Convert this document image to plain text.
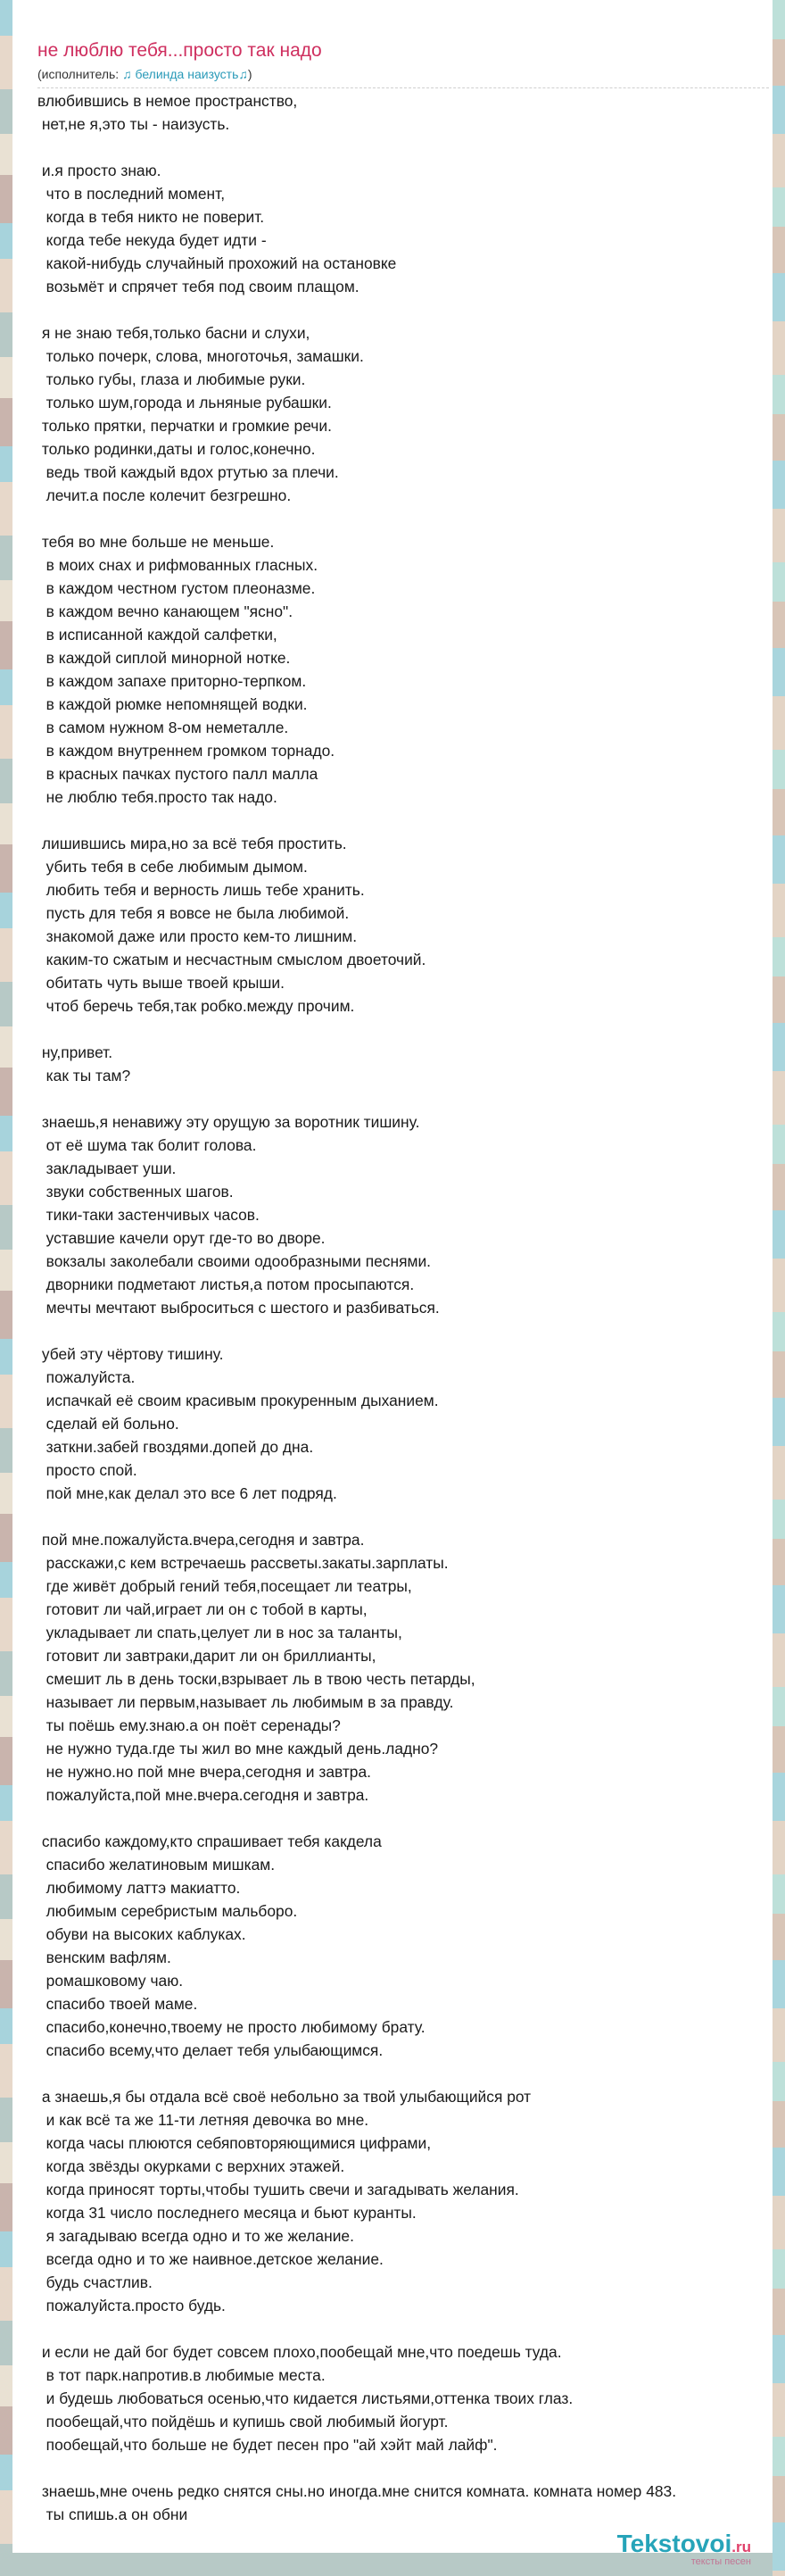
не люблю тебя...просто так надо
(исполнитель: ♫ белинда наизусть♫)
влюбившись в немое пространство,
нет,не я,это ты - наизусть.

и.я просто знаю.
что в последний момент,
когда в тебя никто не поверит.
когда тебе некуда будет идти -
какой-нибудь случайный прохожий на остановке
возьмёт и спрячет тебя под своим плащом.

я не знаю тебя,только басни и слухи,
только почерк, слова, многоточья, замашки.
только губы, глаза и любимые руки.
только шум,города и льняные рубашки.
только прятки, перчатки и громкие речи.
только родинки,даты и голос,конечно.
ведь твой каждый вдох ртутью за плечи.
лечит.а после колечит безгрешно.

тебя во мне больше не меньше.
в моих снах и рифмованных гласных.
в каждом честном густом плеоназме.
в каждом вечно канающем "ясно".
в исписанной каждой салфетки,
в каждой сиплой минорной нотке.
в каждом запахе приторно-терпком.
в каждой рюмке непомнящей водки.
в самом нужном 8-ом неметалле.
в каждом внутреннем громком торнадо.
в красных пачках пустого палл малла
не люблю тебя.просто так надо.

лишившись мира,но за всё тебя простить.
убить тебя в себе любимым дымом.
любить тебя и верность лишь тебе хранить.
пусть для тебя я вовсе не была любимой.
знакомой даже или просто кем-то лишним.
каким-то сжатым и несчастным смыслом двоеточий.
обитать чуть выше твоей крыши.
чтоб беречь тебя,так робко.между прочим.

ну,привет.
как ты там?

знаешь,я ненавижу эту орущую за воротник тишину.
от её шума так болит голова.
закладывает уши.
звуки собственных шагов.
тики-таки застенчивых часов.
уставшие качели орут где-то во дворе.
вокзалы заколебали своими одообразными песнями.
дворники подметают листья,а потом просыпаются.
мечты мечтают выброситься с шестого и разбиваться.

убей эту чёртову тишину.
пожалуйста.
испачкай её своим красивым прокуренным дыханием.
сделай ей больно.
заткни.забей гвоздями.допей до дна.
просто спой.
пой мне,как делал это все 6 лет подряд.

пой мне.пожалуйста.вчера,сегодня и завтра.
расскажи,с кем встречаешь рассветы.закаты.зарплаты.
где живёт добрый гений тебя,посещает ли театры,
готовит ли чай,играет ли он с тобой в карты,
укладывает ли спать,целует ли в нос за таланты,
готовит ли завтраки,дарит ли он бриллианты,
смешит ль в день тоски,взрывает ль в твою честь петарды,
называет ли первым,называет ль любимым в за правду.
ты поёшь ему.знаю.а он поёт серенады?
не нужно туда.где ты жил во мне каждый день.ладно?
не нужно.но пой мне вчера,сегодня и завтра.
пожалуйста,пой мне.вчера.сегодня и завтра.

спасибо каждому,кто спрашивает тебя какдела
спасибо желатиновым мишкам.
любимому латтэ макиатто.
любимым серебристым мальборо.
обуви на высоких каблуках.
венским вафлям.
ромашковому чаю.
спасибо твоей маме.
спасибо,конечно,твоему не просто любимому брату.
спасибо всему,что делает тебя улыбающимся.

а знаешь,я бы отдала всё своё небольно за твой улыбающийся рот
и как всё та же 11-ти летняя девочка во мне.
когда часы плюются себяповторяющимися цифрами,
когда звёзды окурками с верхних этажей.
когда приносят торты,чтобы тушить свечи и загадывать желания.
когда 31 число последнего месяца и бьют куранты.
я загадываю всегда одно и то же желание.
всегда одно и то же наивное.детское желание.
будь счастлив.
пожалуйста.просто будь.

и если не дай бог будет совсем плохо,пообещай мне,что поедешь туда.
в тот парк.напротив.в любимые места.
и будешь любоваться осенью,что кидается листьями,оттенка твоих глаз.
пообещай,что пойдёшь и купишь свой любимый йогурт.
пообещай,что больше не будет песен про "ай хэйт май лайф".

знаешь,мне очень редко снятся сны.но иногда.мне снится комната. комната номер 483.
ты спишь.а он обни
Tekstovoi.ru
тексты песен
